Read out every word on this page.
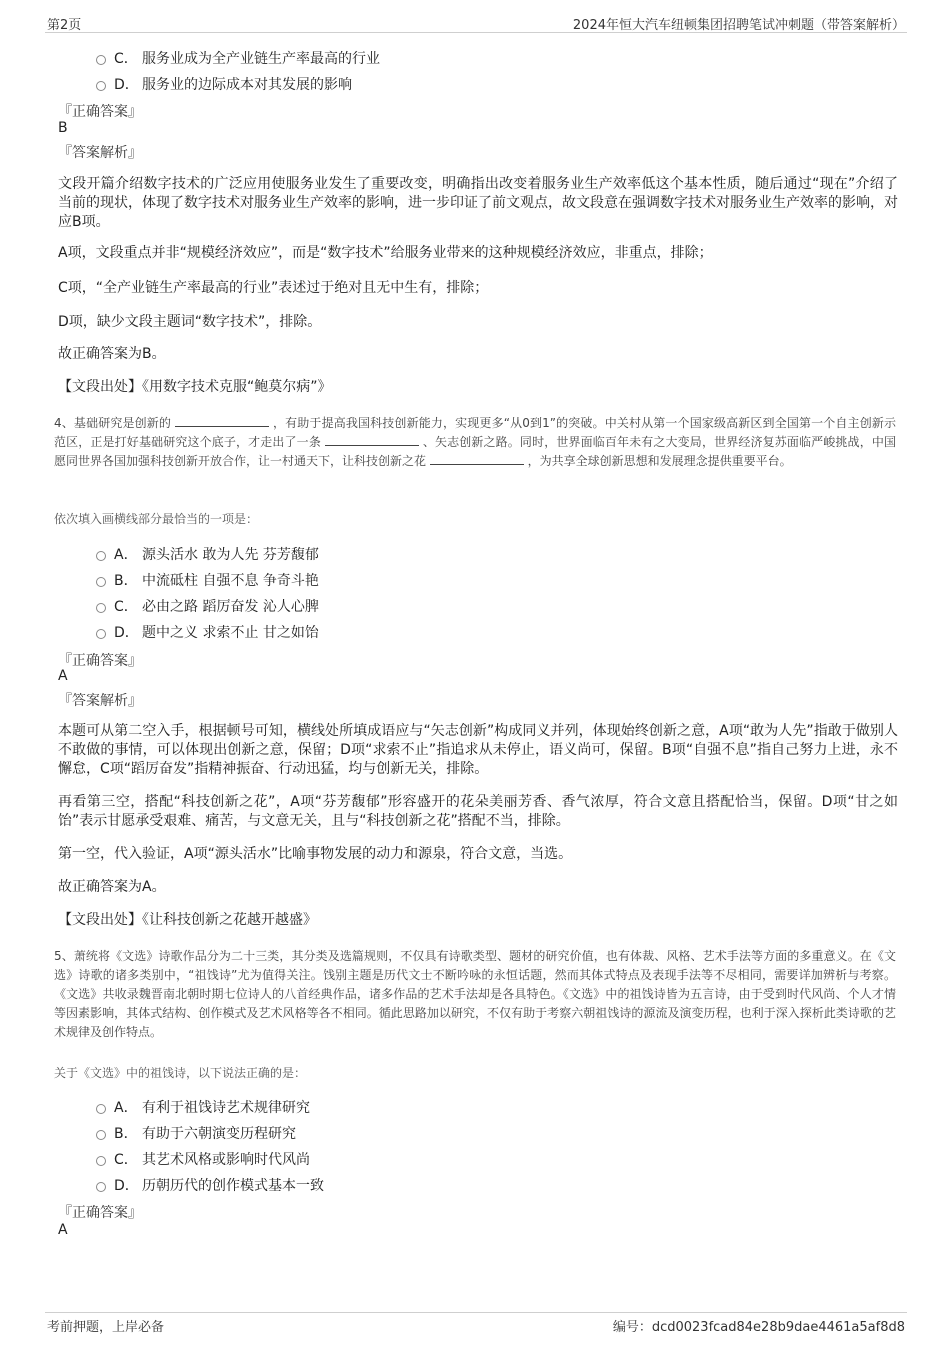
第2页	2024年恒大汽车纽顿集团招聘笔试冲刺题（带答案解析）
C． 服务业成为全产业链生产率最高的行业
D． 服务业的边际成本对其发展的影响
『正确答案』
B
『答案解析』
文段开篇介绍数字技术的广泛应用使服务业发生了重要改变，明确指出改变着服务业生产效率低这个基本性质，随后通过“现在”介绍了当前的现状，体现了数字技术对服务业生产效率的影响，进一步印证了前文观点，故文段意在强调数字技术对服务业生产效率的影响，对应B项。
A项，文段重点并非“规模经济效应”，而是“数字技术”给服务业带来的这种规模经济效应，非重点，排除；
C项，“全产业链生产率最高的行业”表述过于绝对且无中生有，排除；
D项，缺少文段主题词“数字技术”，排除。
故正确答案为B。
【文段出处】《用数字技术克服“鲍莫尔病”》
4、基础研究是创新的	，有助于提高我国科技创新能力，实现更多“从0到1”的突破。中关村从第一个国家级高新区到全国第一个自主创新示范区，正是打好基础研究这个底子，才走出了一条	、矢志创新之路。同时，世界面临百年未有之大变局，世界经济复苏面临严峻挑战，中国愿同世界各国加强科技创新开放合作，让一村通天下，让科技创新之花	，为共享全球创新思想和发展理念提供重要平台。
依次填入画横线部分最恰当的一项是：
A． 源头活水 敢为人先 芬芳馥郁
B． 中流砥柱 自强不息 争奇斗艳
C． 必由之路 蹈厉奋发 沁人心脾
D． 题中之义 求索不止 甘之如饴
『正确答案』
A
『答案解析』
本题可从第二空入手，根据顿号可知，横线处所填成语应与“矢志创新”构成同义并列，体现始终创新之意，A项“敢为人先”指敢于做别人不敢做的事情，可以体现出创新之意，保留；D项“求索不止”指追求从未停止，语义尚可，保留。B项“自强不息”指自己努力上进，永不懈怠，C项“蹈厉奋发”指精神振奋、行动迅猛，均与创新无关，排除。
再看第三空，搭配“科技创新之花”，A项“芬芳馥郁”形容盛开的花朵美丽芳香、香气浓厚，符合文意且搭配恰当，保留。D项“甘之如饴”表示甘愿承受艰难、痛苦，与文意无关，且与“科技创新之花”搭配不当，排除。
第一空，代入验证，A项“源头活水”比喻事物发展的动力和源泉，符合文意，当选。
故正确答案为A。
【文段出处】《让科技创新之花越开越盛》
5、萧统将《文选》诗歌作品分为二十三类，其分类及选篇规则，不仅具有诗歌类型、题材的研究价值，也有体裁、风格、艺术手法等方面的多重意义。在《文选》诗歌的诸多类别中，“祖饯诗”尤为值得关注。饯别主题是历代文士不断吟咏的永恒话题，然而其体式特点及表现手法等不尽相同，需要详加辨析与考察。《文选》共收录魏晋南北朝时期七位诗人的八首经典作品，诸多作品的艺术手法却是各具特色。《文选》中的祖饯诗皆为五言诗，由于受到时代风尚、个人才情等因素影响，其体式结构、创作模式及艺术风格等各不相同。循此思路加以研究，不仅有助于考察六朝祖饯诗的源流及演变历程，也利于深入探析此类诗歌的艺术规律及创作特点。
关于《文选》中的祖饯诗，以下说法正确的是：
A． 有利于祖饯诗艺术规律研究
B． 有助于六朝演变历程研究
C． 其艺术风格或影响时代风尚
D． 历朝历代的创作模式基本一致
『正确答案』
A
考前押题，上岸必备	编号：dcd0023fcad84e28b9dae4461a5af8d8
